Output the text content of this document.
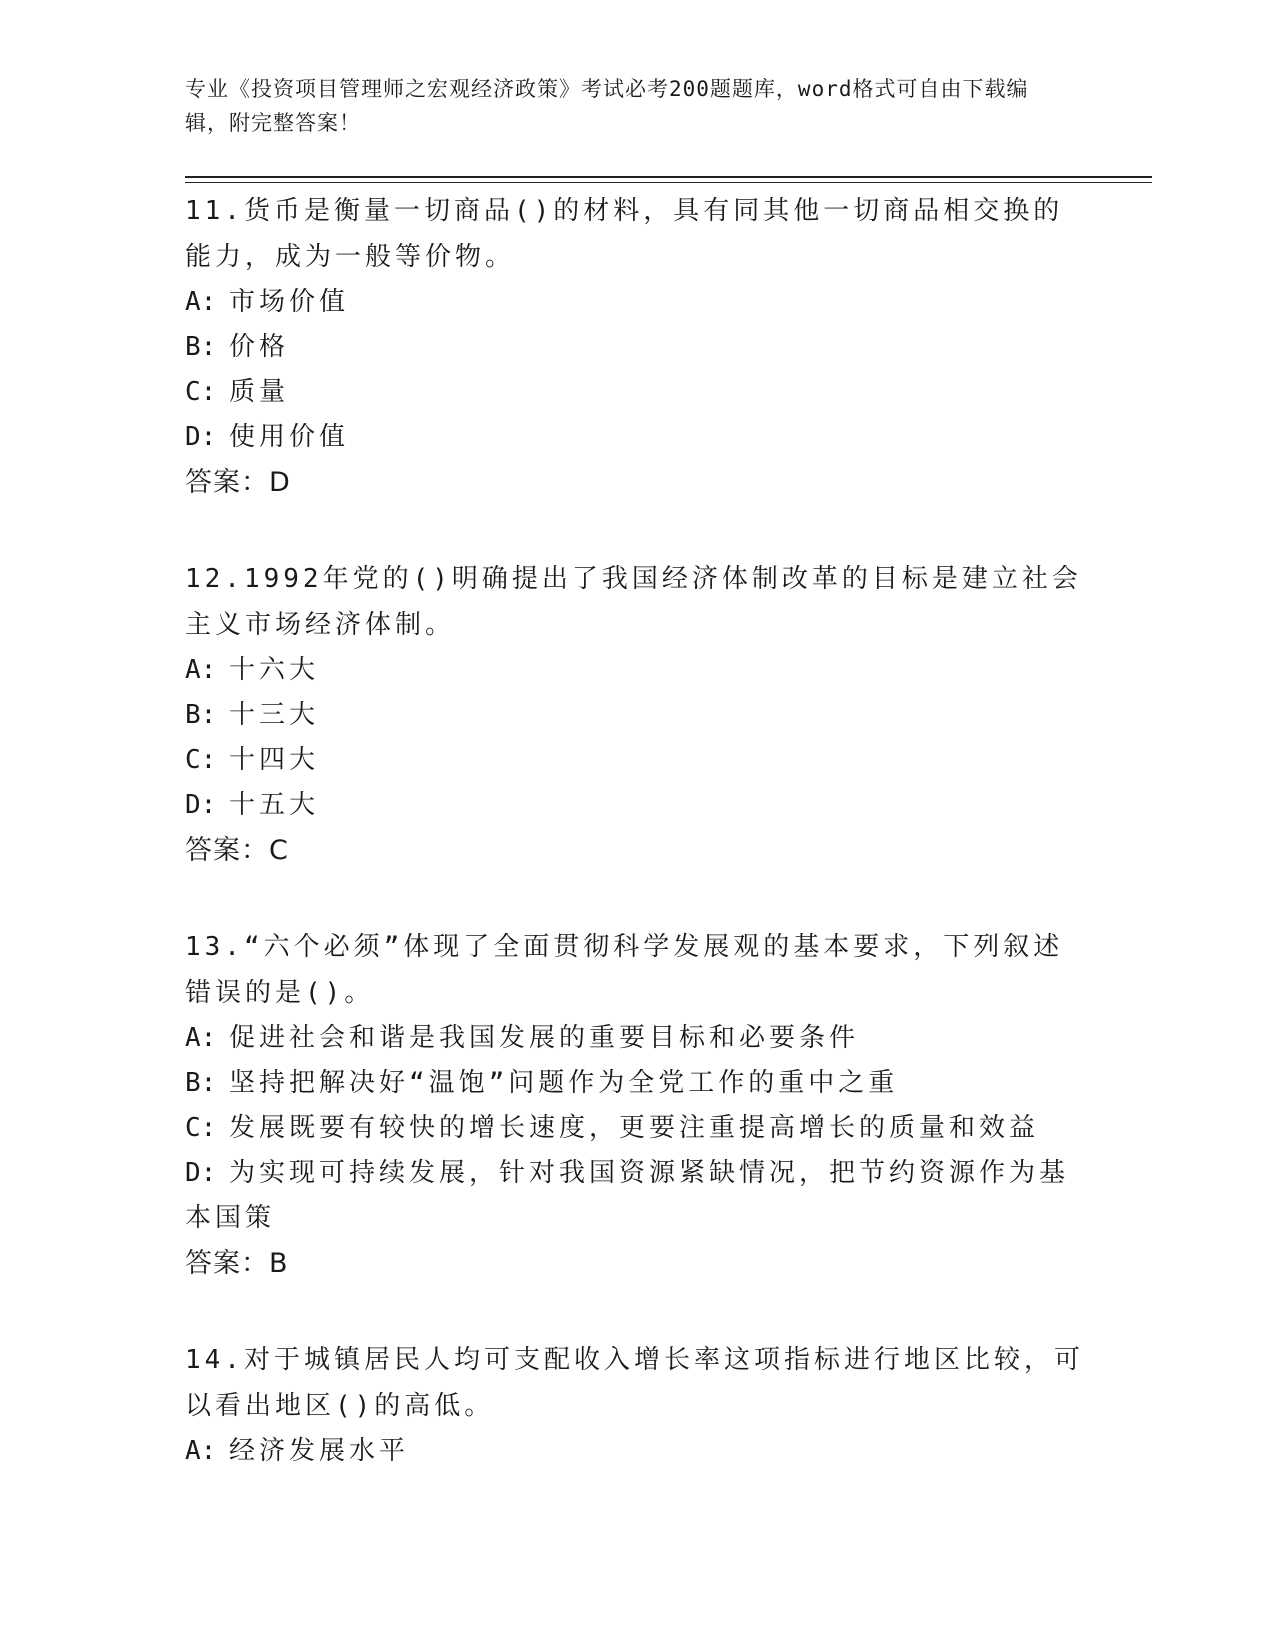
专业《投资项目管理师之宏观经济政策》考试必考200题题库，word格式可自由下载编辑，附完整答案！
11.货币是衡量一切商品()的材料，具有同其他一切商品相交换的能力，成为一般等价物。
A: 市场价值
B: 价格
C: 质量
D: 使用价值
答案：D
12.1992年党的()明确提出了我国经济体制改革的目标是建立社会主义市场经济体制。
A: 十六大
B: 十三大
C: 十四大
D: 十五大
答案：C
13.“六个必须”体现了全面贯彻科学发展观的基本要求，下列叙述错误的是()。
A: 促进社会和谐是我国发展的重要目标和必要条件
B: 坚持把解决好“温饱”问题作为全党工作的重中之重
C: 发展既要有较快的增长速度，更要注重提高增长的质量和效益
D: 为实现可持续发展，针对我国资源紧缺情况，把节约资源作为基本国策
答案：B
14.对于城镇居民人均可支配收入增长率这项指标进行地区比较，可以看出地区()的高低。
A: 经济发展水平
